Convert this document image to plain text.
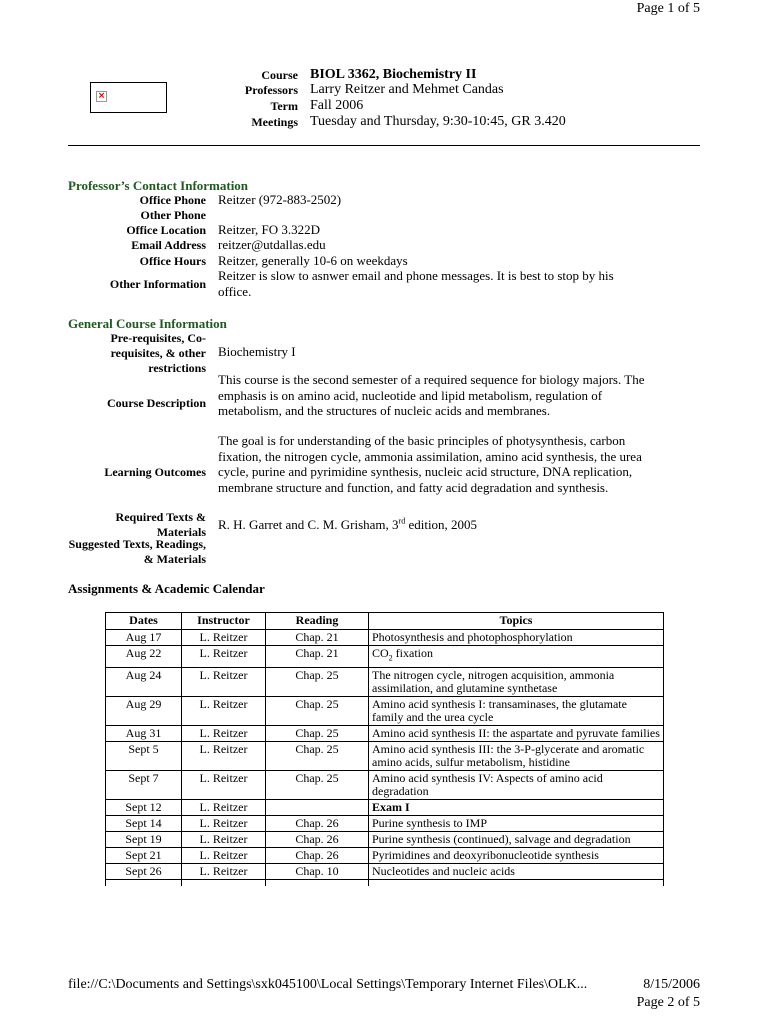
Page 1 of 5
×
Course BIOL 3362, Biochemistry II
Professors Larry Reitzer and Mehmet Candas
Term Fall 2006
Meetings Tuesday and Thursday, 9:30-10:45, GR 3.420
Professor’s Contact Information
Office Phone Reitzer (972-883-2502)
Other Phone
Office Location Reitzer, FO 3.322D
Email Address reitzer@utdallas.edu
Office Hours Reitzer, generally 10-6 on weekdays
Other Information
Reitzer is slow to asnwer email and phone messages. It is best to stop by his office.
General Course Information
Pre-requisites, Co-requisites, & other restrictions
Biochemistry I
Course Description
This course is the second semester of a required sequence for biology majors. The emphasis is on amino acid, nucleotide and lipid metabolism, regulation of metabolism, and the structures of nucleic acids and membranes.
Learning Outcomes
The goal is for understanding of the basic principles of photysynthesis, carbon fixation, the nitrogen cycle, ammonia assimilation, amino acid synthesis, the urea cycle, purine and pyrimidine synthesis, nucleic acid structure, DNA replication, membrane structure and function, and fatty acid degradation and synthesis.
Required Texts & Materials R. H. Garret and C. M. Grisham, 3rd edition, 2005
Suggested Texts, Readings, & Materials
Assignments & Academic Calendar
Dates	Instructor	Reading	Topics
Aug 17	L. Reitzer	Chap. 21	Photosynthesis and photophosphorylation
Aug 22	L. Reitzer	Chap. 21	$CO_2$ fixation
Aug 24	L. Reitzer	Chap. 25	The nitrogen cycle, nitrogen acquisition, ammonia assimilation, and glutamine synthetase
Aug 29	L. Reitzer	Chap. 25	Amino acid synthesis I: transaminases, the glutamate family and the urea cycle
Aug 31	L. Reitzer	Chap. 25	Amino acid synthesis II: the aspartate and pyruvate families
Sept 5	L. Reitzer	Chap. 25	Amino acid synthesis III: the 3-P-glycerate and aromatic amino acids, sulfur metabolism, histidine
Sept 7	L. Reitzer	Chap. 25	Amino acid synthesis IV: Aspects of amino acid degradation
Sept 12	L. Reitzer		Exam I
Sept 14	L. Reitzer	Chap. 26	Purine synthesis to IMP
Sept 19	L. Reitzer	Chap. 26	Purine synthesis (continued), salvage and degradation
Sept 21	L. Reitzer	Chap. 26	Pyrimidines and deoxyribonucleotide synthesis
Sept 26	L. Reitzer	Chap. 10	Nucleotides and nucleic acids

file://C:\Documents and Settings\sxk045100\Local Settings\Temporary Internet Files\OLK...	8/15/2006
Page 2 of 5
